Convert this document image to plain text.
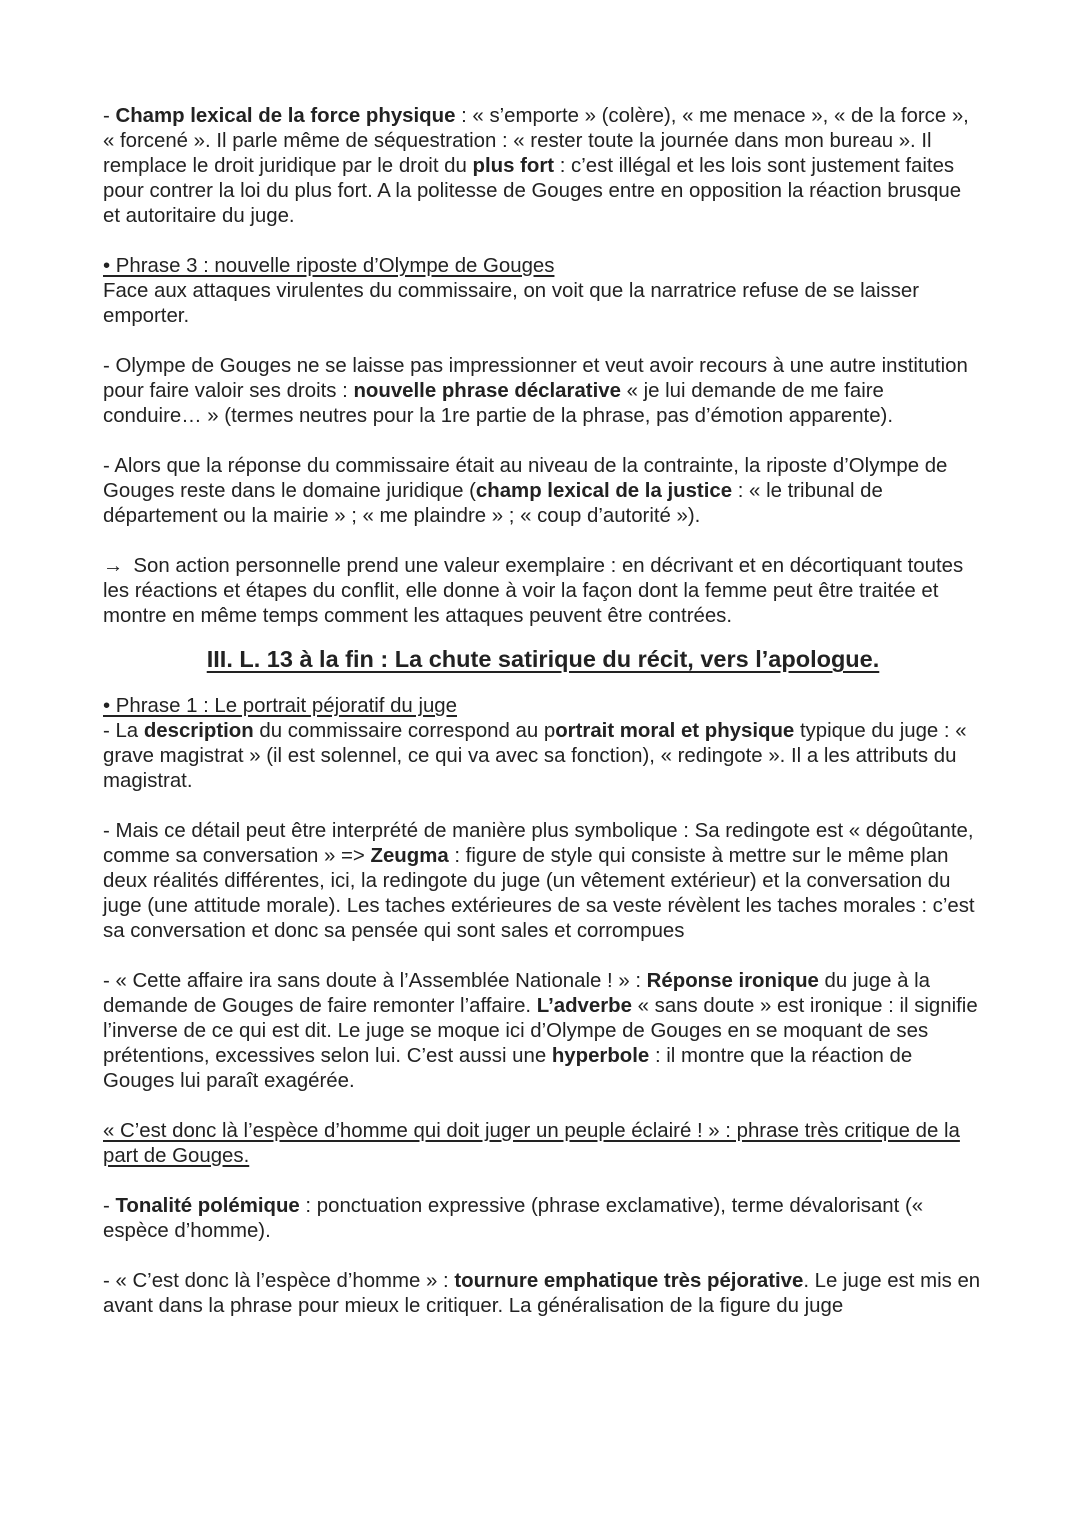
- Champ lexical de la force physique : « s’emporte » (colère), « me menace », « de la force », « forcené ». Il parle même de séquestration : « rester toute la journée dans mon bureau ». Il remplace le droit juridique par le droit du plus fort : c’est illégal et les lois sont justement faites pour contrer la loi du plus fort. A la politesse de Gouges entre en opposition la réaction brusque et autoritaire du juge.

• Phrase 3 : nouvelle riposte d’Olympe de Gouges

Face aux attaques virulentes du commissaire, on voit que la narratrice refuse de se laisser emporter.

- Olympe de Gouges ne se laisse pas impressionner et veut avoir recours à une autre institution pour faire valoir ses droits : nouvelle phrase déclarative « je lui demande de me faire conduire… » (termes neutres pour la 1re partie de la phrase, pas d’émotion apparente).

- Alors que la réponse du commissaire était au niveau de la contrainte, la riposte d’Olympe de Gouges reste dans le domaine juridique (champ lexical de la justice : « le tribunal de département ou la mairie » ; « me plaindre » ; « coup d’autorité »).

→ Son action personnelle prend une valeur exemplaire : en décrivant et en décortiquant toutes les réactions et étapes du conflit, elle donne à voir la façon dont la femme peut être traitée et montre en même temps comment les attaques peuvent être contrées.

III. L. 13 à la fin : La chute satirique du récit, vers l’apologue.

• Phrase 1 : Le portrait péjoratif du juge

- La description du commissaire correspond au portrait moral et physique typique du juge : « grave magistrat » (il est solennel, ce qui va avec sa fonction), « redingote ». Il a les attributs du magistrat.

- Mais ce détail peut être interprété de manière plus symbolique : Sa redingote est « dégoûtante, comme sa conversation » => Zeugma : figure de style qui consiste à mettre sur le même plan deux réalités différentes, ici, la redingote du juge (un vêtement extérieur) et la conversation du juge (une attitude morale). Les taches extérieures de sa veste révèlent les taches morales : c’est sa conversation et donc sa pensée qui sont sales et corrompues

- « Cette affaire ira sans doute à l’Assemblée Nationale ! » : Réponse ironique du juge à la demande de Gouges de faire remonter l’affaire. L’adverbe « sans doute » est ironique : il signifie l’inverse de ce qui est dit. Le juge se moque ici d’Olympe de Gouges en se moquant de ses prétentions, excessives selon lui. C’est aussi une hyperbole : il montre que la réaction de Gouges lui paraît exagérée.

« C’est donc là l’espèce d’homme qui doit juger un peuple éclairé ! » : phrase très critique de la part de Gouges.

- Tonalité polémique : ponctuation expressive (phrase exclamative), terme dévalorisant (« espèce d’homme).

- « C’est donc là l’espèce d’homme » : tournure emphatique très péjorative. Le juge est mis en avant dans la phrase pour mieux le critiquer. La généralisation de la figure du juge
